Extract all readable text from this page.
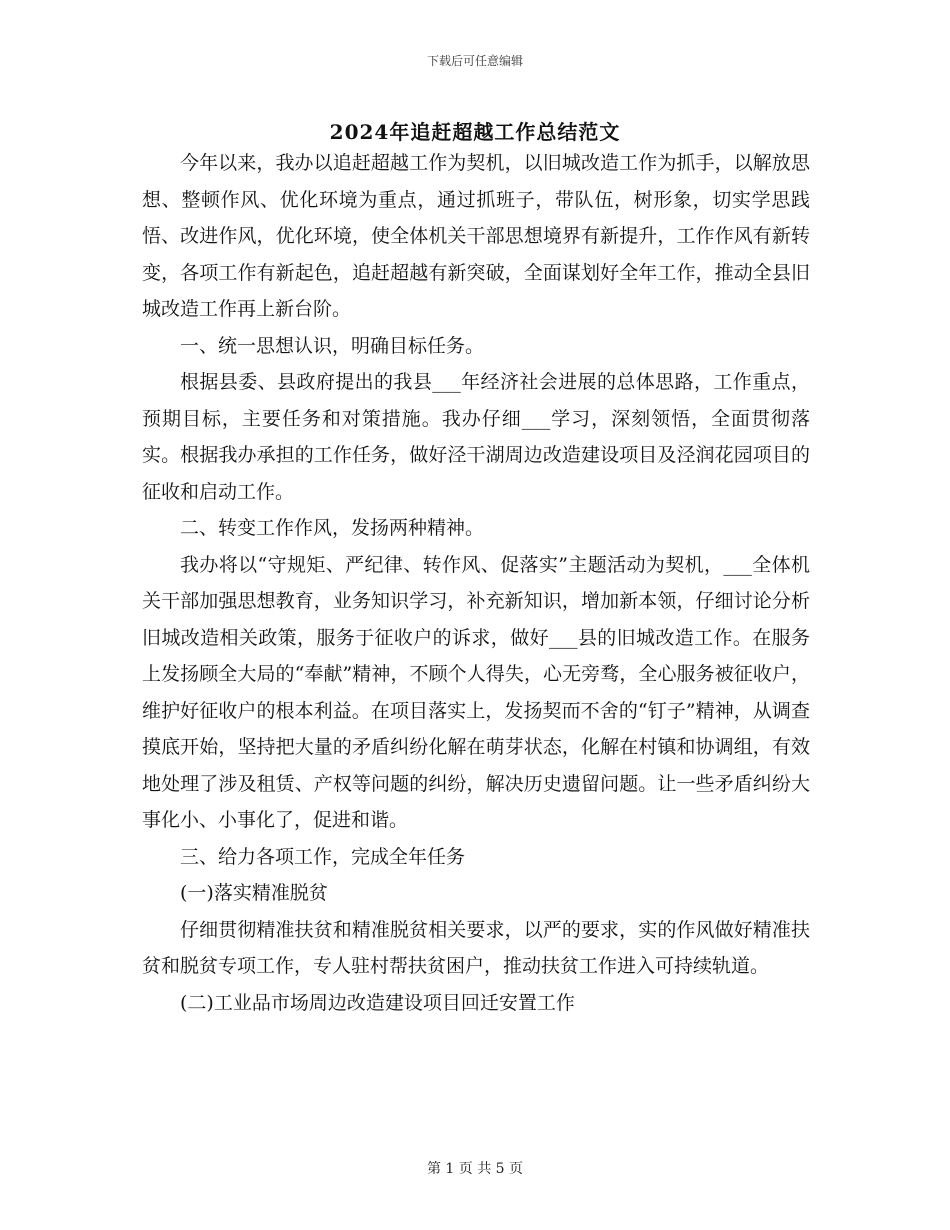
下载后可任意编辑
2024年追赶超越工作总结范文

今年以来，我办以追赶超越工作为契机，以旧城改造工作为抓手，以解放思想、整顿作风、优化环境为重点，通过抓班子，带队伍，树形象，切实学思践悟、改进作风，优化环境，使全体机关干部思想境界有新提升，工作作风有新转变，各项工作有新起色，追赶超越有新突破，全面谋划好全年工作，推动全县旧城改造工作再上新台阶。

一、统一思想认识，明确目标任务。

根据县委、县政府提出的我县___年经济社会进展的总体思路，工作重点，预期目标，主要任务和对策措施。我办仔细___学习，深刻领悟，全面贯彻落实。根据我办承担的工作任务，做好泾干湖周边改造建设项目及泾润花园项目的征收和启动工作。

二、转变工作作风，发扬两种精神。

我办将以“守规矩、严纪律、转作风、促落实”主题活动为契机，___全体机关干部加强思想教育，业务知识学习，补充新知识，增加新本领，仔细讨论分析旧城改造相关政策，服务于征收户的诉求，做好___县的旧城改造工作。在服务上发扬顾全大局的“奉献”精神，不顾个人得失，心无旁骛，全心服务被征收户，维护好征收户的根本利益。在项目落实上，发扬契而不舍的“钉子”精神，从调查摸底开始，坚持把大量的矛盾纠纷化解在萌芽状态，化解在村镇和协调组，有效地处理了涉及租赁、产权等问题的纠纷，解决历史遗留问题。让一些矛盾纠纷大事化小、小事化了，促进和谐。

三、给力各项工作，完成全年任务

(一)落实精准脱贫

仔细贯彻精准扶贫和精准脱贫相关要求，以严的要求，实的作风做好精准扶贫和脱贫专项工作，专人驻村帮扶贫困户，推动扶贫工作进入可持续轨道。

(二)工业品市场周边改造建设项目回迁安置工作

第 1 页 共 5 页
